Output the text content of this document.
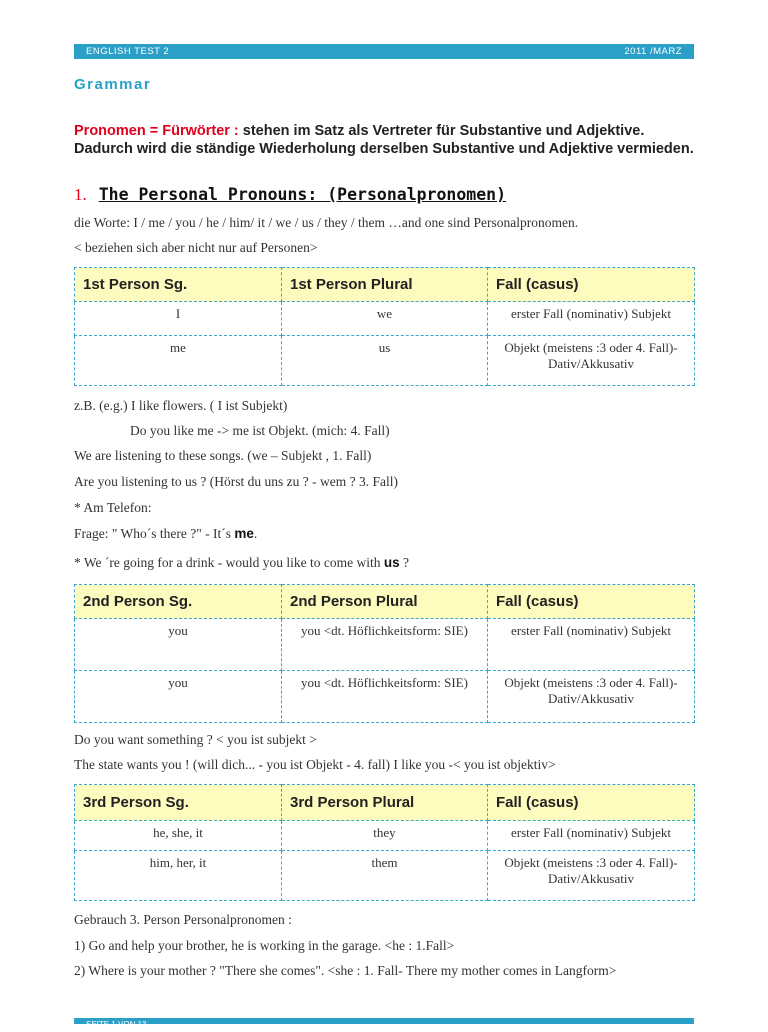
ENGLISH TEST 2	2011 /MARZ
Grammar
Pronomen = Fürwörter : stehen im Satz als Vertreter für Substantive und Adjektive. Dadurch wird die ständige Wiederholung derselben Substantive und Adjektive vermieden.
1. The Personal Pronouns: (Personalpronomen)
die Worte: I / me / you / he / him/ it / we / us / they / them …and one sind Personalpronomen.
< beziehen sich aber nicht nur auf Personen>
1st Person Sg.	1st Person Plural	Fall (casus)
I	we	erster Fall (nominativ) Subjekt
me	us	Objekt (meistens :3 oder 4. Fall)-Dativ/Akkusativ
z.B. (e.g.) I like flowers. ( I ist Subjekt)
Do you like me -> me ist Objekt. (mich: 4. Fall)
We are listening to these songs. (we – Subjekt , 1. Fall)
Are you listening to us ? (Hörst du uns zu ? - wem ? 3. Fall)
* Am Telefon:
Frage: " Who´s there ?" - It´s me.
* We ´re going for a drink - would you like to come with us ?
2nd Person Sg.	2nd Person Plural	Fall (casus)
you	you <dt. Höflichkeitsform: SIE)	erster Fall (nominativ) Subjekt
you	you <dt. Höflichkeitsform: SIE)	Objekt (meistens :3 oder 4. Fall)-Dativ/Akkusativ
Do you want something ? < you ist subjekt >
The state wants you ! (will dich... - you ist Objekt - 4. fall) I like you -< you ist objektiv>
3rd Person Sg.	3rd Person Plural	Fall (casus)
he, she, it	they	erster Fall (nominativ) Subjekt
him, her, it	them	Objekt (meistens :3 oder 4. Fall)-Dativ/Akkusativ
Gebrauch 3. Person Personalpronomen :
1) Go and help your brother, he is working in the garage. <he : 1.Fall>
2) Where is your mother ? "There she comes". <she : 1. Fall- There my mother comes in Langform>
SEITE 1 VON 13
